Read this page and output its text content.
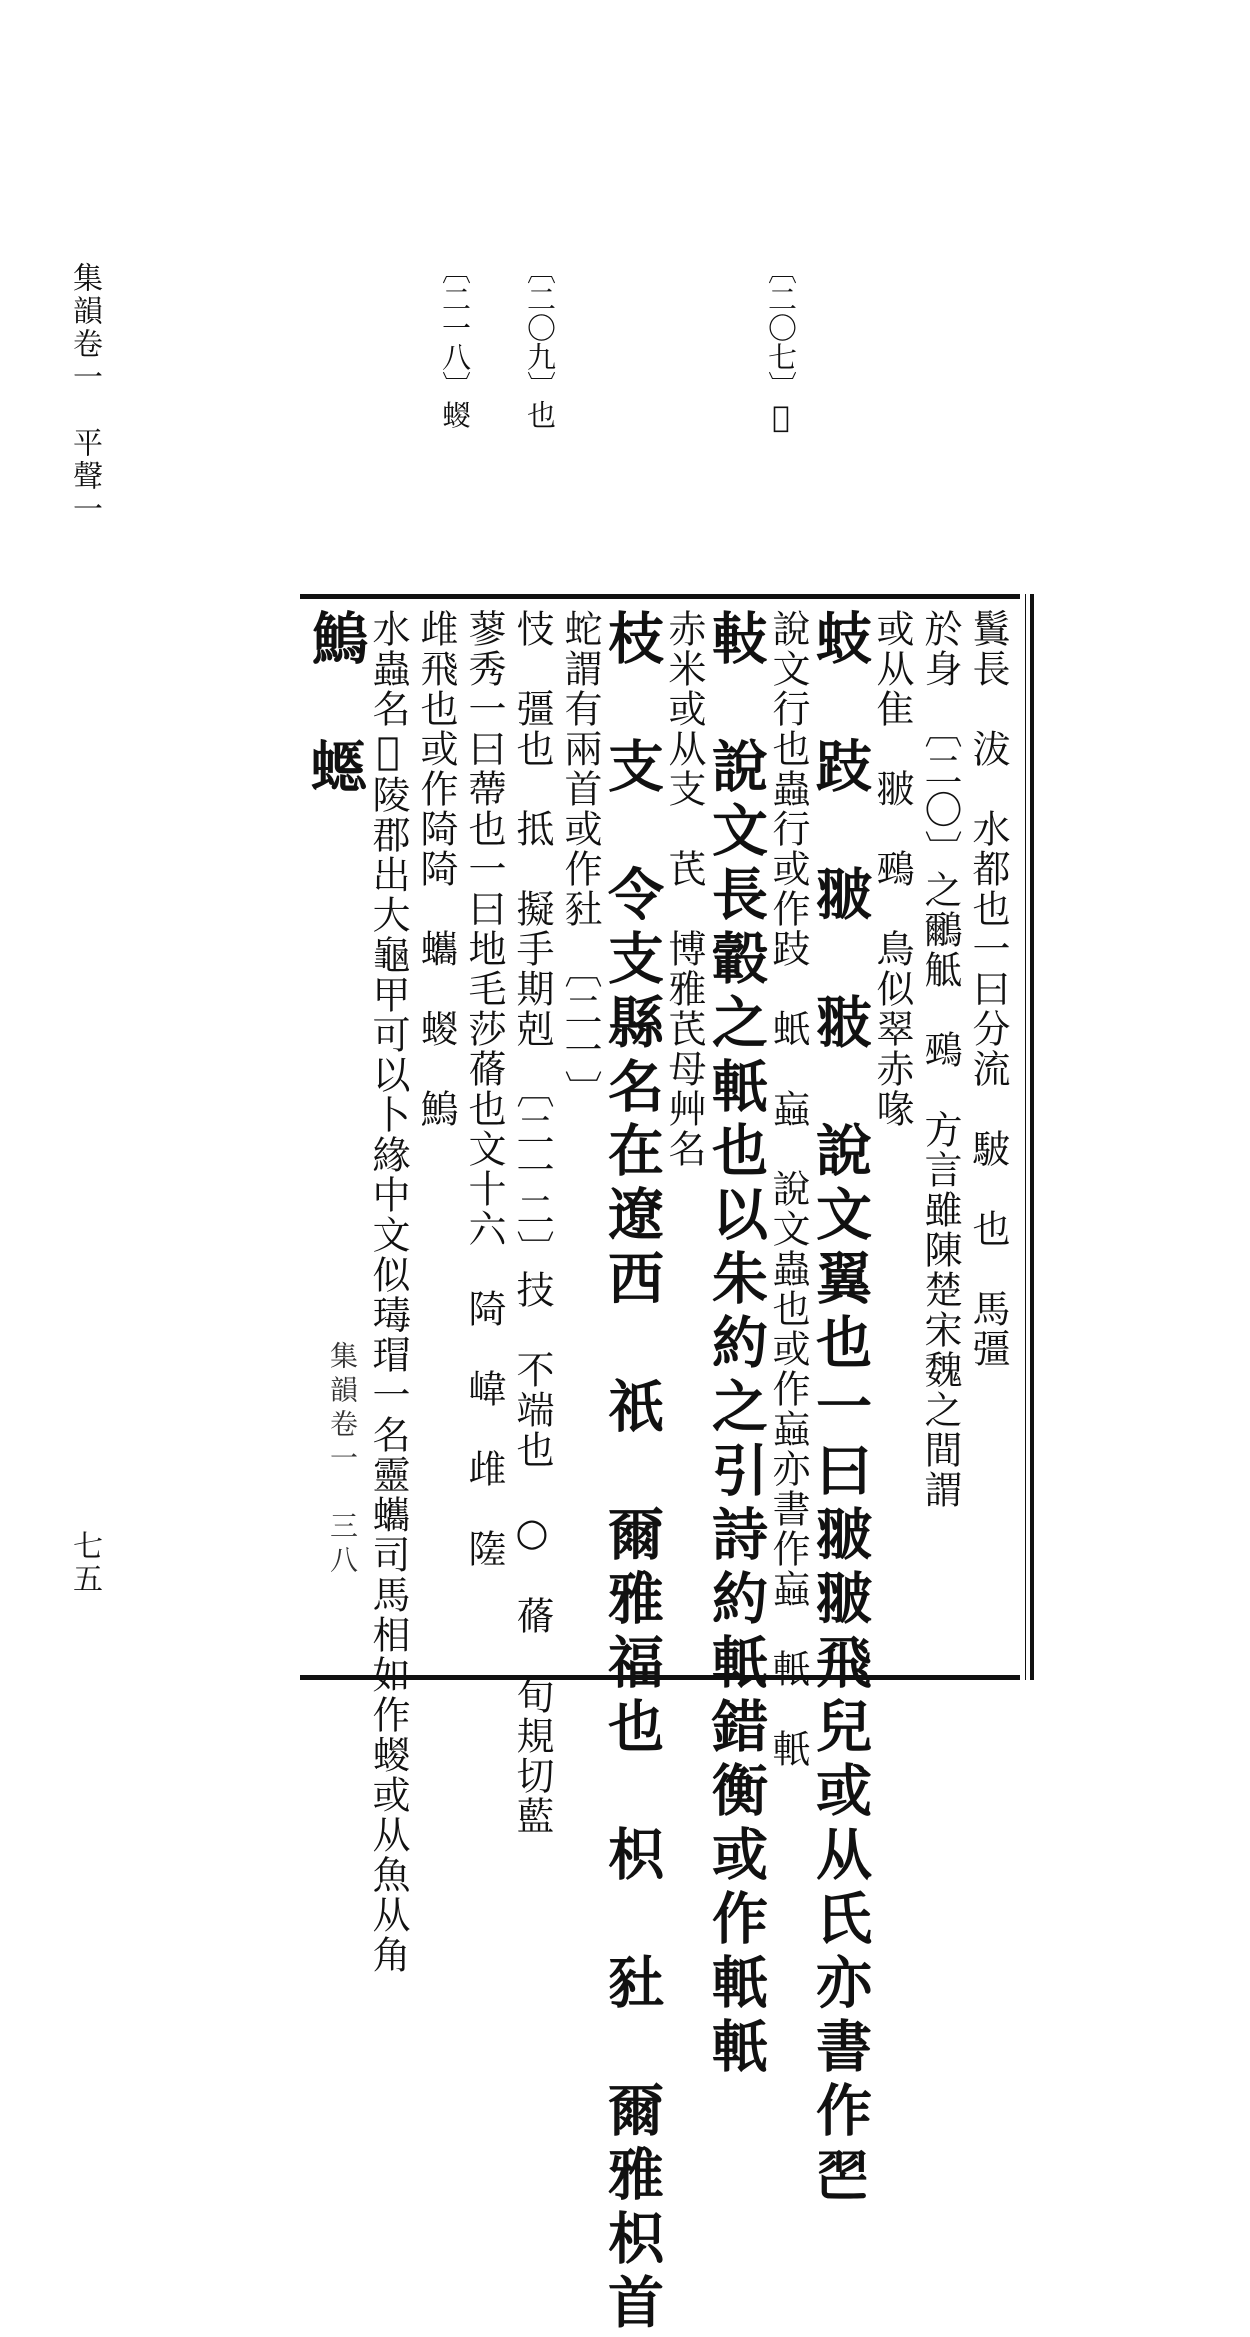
集韻卷一　平聲一
七五
〔二〇七〕𩬆
〔二〇九〕也
〔二一八〕蝬
集韻卷一　三八
鬒長　沷　水都也一曰分流　駊　也　馬彊
於身　〔二〇〕之鸍觝　鵐　方言雖陳楚宋魏之間謂
或从隹　翍　鵐　鳥似翠赤喙
蚑　跂　翍　翄　說文翼也一曰翍翍飛兒或从氏亦書作𦐀
說文行也蟲行或作跂　蚔　蝱　說文蟲也或作蝱亦書作蝱　軝　軝
軙　說文長轂之軝也以朱約之引詩約軝錯衡或作軝軝
赤米或从支　芪　博雅芪母艸名
枝　支　令支縣名在遼西　祇　爾雅福也　枳　䝅　爾雅枳首
蛇謂有兩首或作䝅　〔二一〕
忮　彊也　抵　擬手期剋　〔二一二〕技　不端也　○　蓨　旬規切藍
蓼秀一曰蔕也一曰地毛莎蓨也文十六　陭　𡺨　䧳　隓
䧳飛也或作陭陭　蠵　蝬　鰞
水蟲名𥃱陵郡出大龜甲可以卜緣中文似瑇瑁一名靈蠵司馬相如作蝬或从魚从角
鰞　𧏽
